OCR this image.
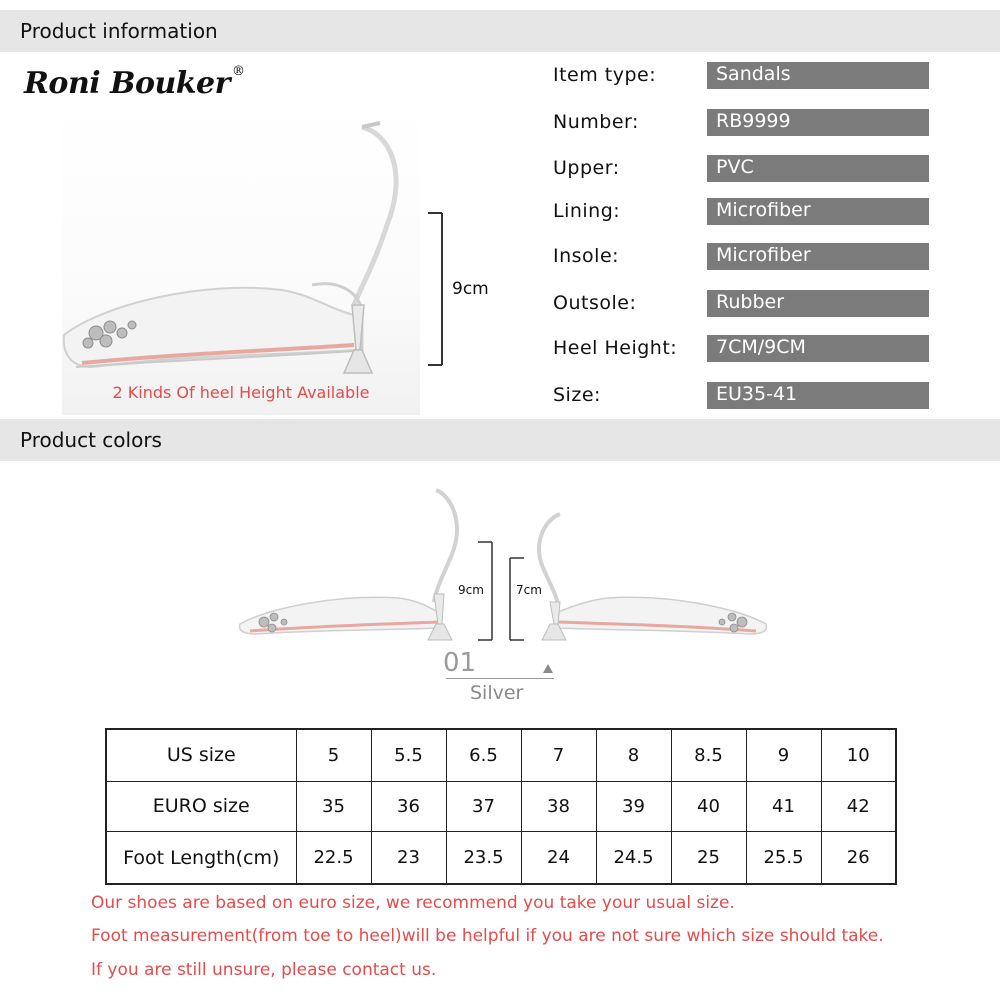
Product information
Roni Bouker ®
9cm
2 Kinds Of heel Height Available
Item type:	Sandals
Number:	RB9999
Upper:	PVC
Lining:	Microfiber
Insole:	Microfiber
Outsole:	Rubber
Heel Height:	7CM/9CM
Size:	EU35-41
Product colors
9cm	7cm
01
Silver
US size	5	5.5	6.5	7	8	8.5	9	10
EURO size	35	36	37	38	39	40	41	42
Foot Length(cm)	22.5	23	23.5	24	24.5	25	25.5	26
Our shoes are based on euro size, we recommend you take your usual size.
Foot measurement(from toe to heel)will be helpful if you are not sure which size should take.
If you are still unsure, please contact us.
